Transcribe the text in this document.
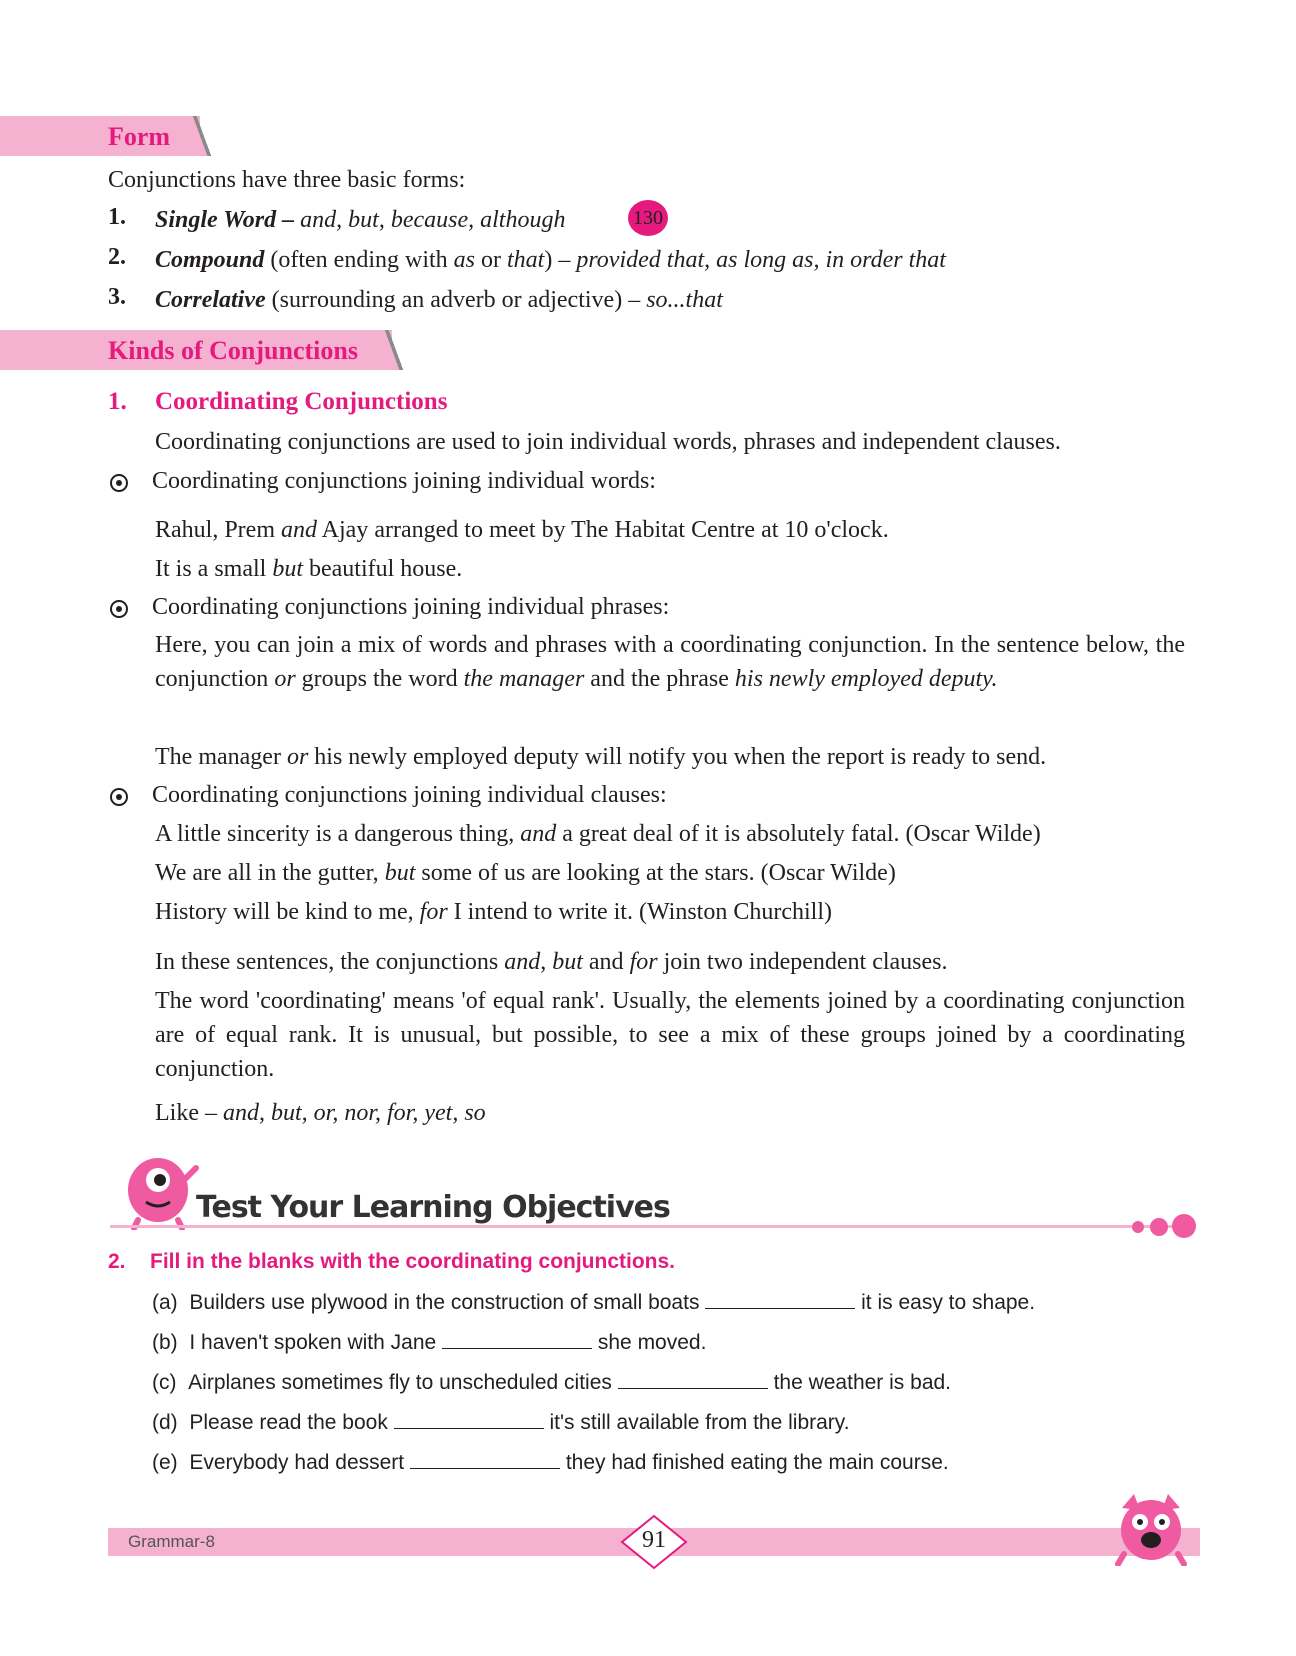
Form
Conjunctions have three basic forms:
1. Single Word – and, but, because, although	130
2. Compound (often ending with as or that) – provided that, as long as, in order that
3. Correlative (surrounding an adverb or adjective) – so...that
Kinds of Conjunctions
1. Coordinating Conjunctions
Coordinating conjunctions are used to join individual words, phrases and independent clauses.
Coordinating conjunctions joining individual words:
Rahul, Prem and Ajay arranged to meet by The Habitat Centre at 10 o'clock.
It is a small but beautiful house.
Coordinating conjunctions joining individual phrases:
Here, you can join a mix of words and phrases with a coordinating conjunction. In the sentence below, the conjunction or groups the word the manager and the phrase his newly employed deputy.
The manager or his newly employed deputy will notify you when the report is ready to send.
Coordinating conjunctions joining individual clauses:
A little sincerity is a dangerous thing, and a great deal of it is absolutely fatal. (Oscar Wilde)
We are all in the gutter, but some of us are looking at the stars. (Oscar Wilde)
History will be kind to me, for I intend to write it. (Winston Churchill)
In these sentences, the conjunctions and, but and for join two independent clauses.
The word 'coordinating' means 'of equal rank'. Usually, the elements joined by a coordinating conjunction are of equal rank. It is unusual, but possible, to see a mix of these groups joined by a coordinating conjunction.
Like – and, but, or, nor, for, yet, so
Test Your Learning Objectives
2. Fill in the blanks with the coordinating conjunctions.
(a) Builders use plywood in the construction of small boats	it is easy to shape.
(b) I haven't spoken with Jane	she moved.
(c) Airplanes sometimes fly to unscheduled cities	the weather is bad.
(d) Please read the book	it's still available from the library.
(e) Everybody had dessert	they had finished eating the main course.
Grammar-8	91
